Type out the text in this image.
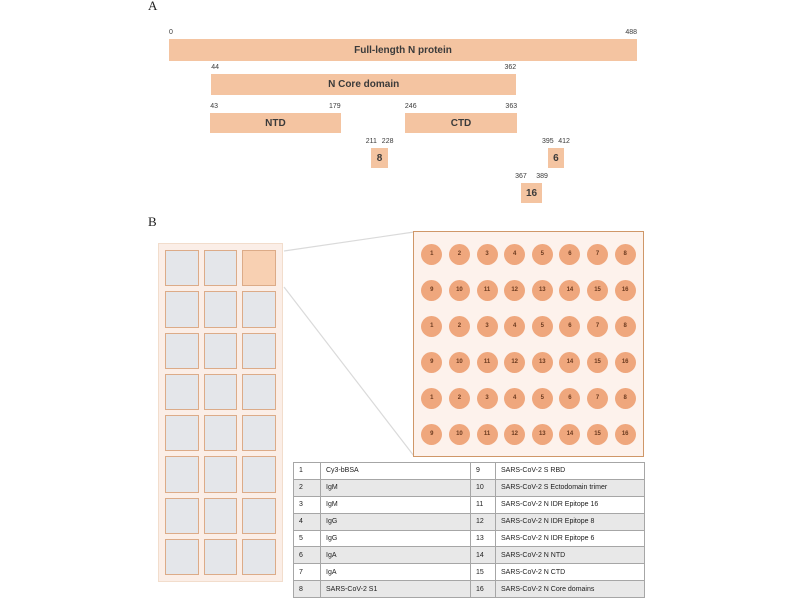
A
Full-length N protein
0	488
N Core domain
44	362
NTD
43	179
CTD
246	363
8
211 228
6
395 412
16
367 389
B
1	2	3	4	5	6	7	8
9	10	11	12	13	14	15	16
1	2	3	4	5	6	7	8
9	10	11	12	13	14	15	16
1	2	3	4	5	6	7	8
9	10	11	12	13	14	15	16
1	Cy3-bBSA	9	SARS-CoV-2 S RBD
2	IgM	10	SARS-CoV-2 S Ectodomain trimer
3	IgM	11	SARS-CoV-2 N IDR Epitope 16
4	IgG	12	SARS-CoV-2 N IDR Epitope 8
5	IgG	13	SARS-CoV-2 N IDR Epitope 6
6	IgA	14	SARS-CoV-2 N NTD
7	IgA	15	SARS-CoV-2 N CTD
8	SARS-CoV-2 S1	16	SARS-CoV-2 N Core domains
